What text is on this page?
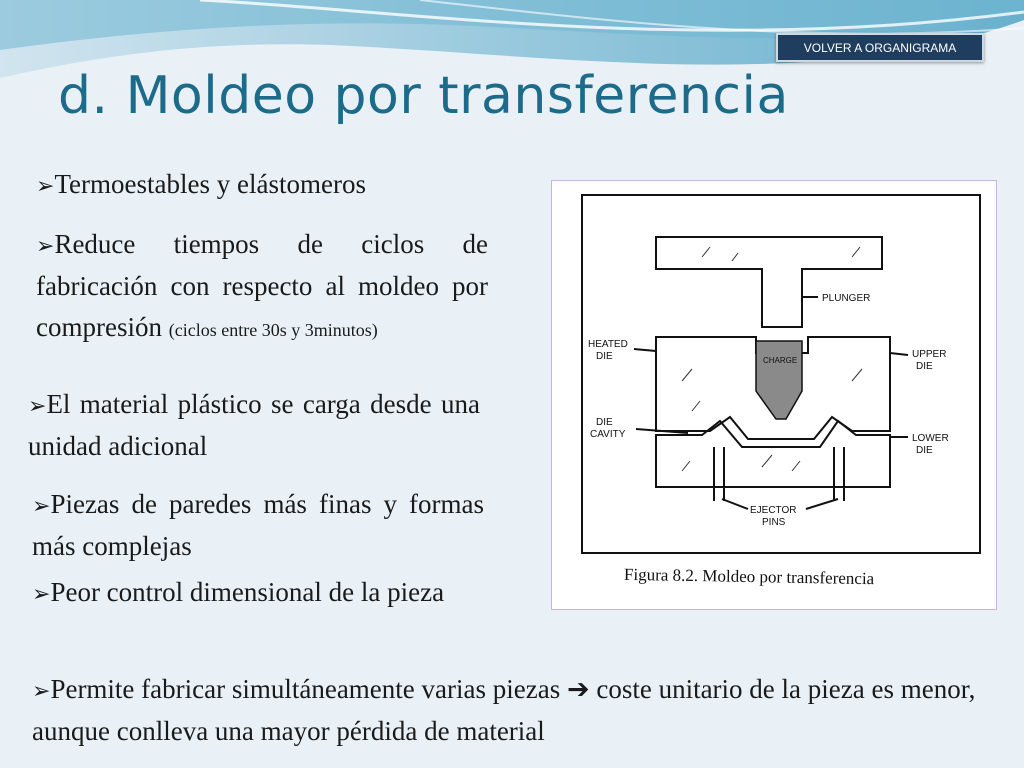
VOLVER A ORGANIGRAMA
d. Moldeo por transferencia
➢Termoestables y elástomeros
➢Reduce tiempos de ciclos de fabricación con respecto al moldeo por compresión (ciclos entre 30s y 3minutos)
➢El material plástico se carga desde una unidad adicional
➢Piezas de paredes más finas y formas más complejas
➢Peor control dimensional de la pieza
➢Permite fabricar simultáneamente varias piezas ➔ coste unitario de la pieza es menor, aunque conlleva una mayor pérdida de material
PLUNGER
CHARGE
HEATED
DIE	UPPER
DIE
DIE
CAVITY	LOWER
DIE
EJECTOR
PINS
Figura 8.2. Moldeo por transferencia
